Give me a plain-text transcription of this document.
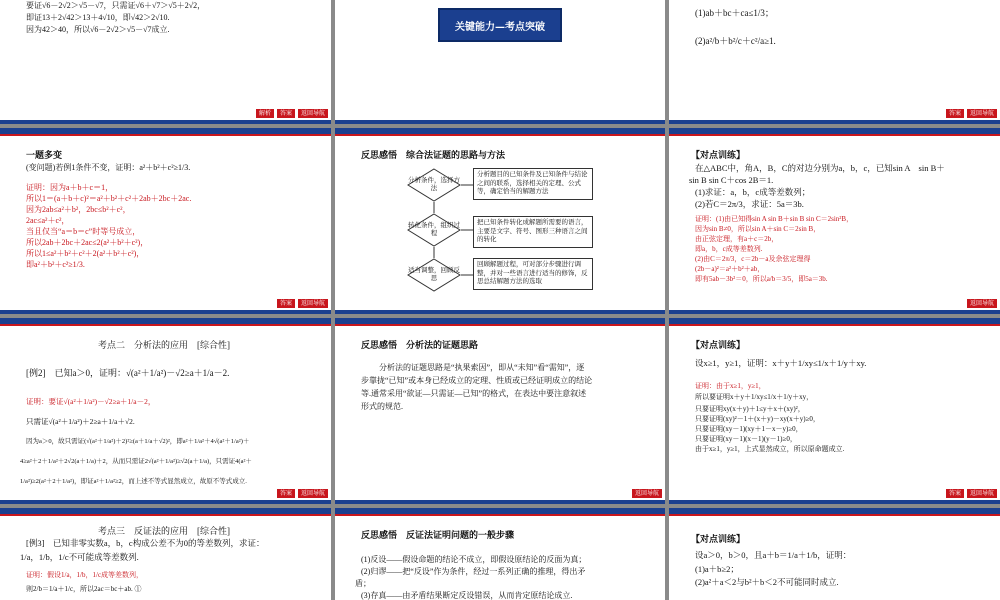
要证√6－2√2＞√5－√7，只需证√6＋√7＞√5＋2√2，
即证13＋2√42＞13＋4√10，即√42＞2√10.
因为42＞40，所以√6－2√2＞√5－√7成立.
解析	答案	返回导航
关键能力—考点突破
(1)ab＋bc＋ca≤1/3；
(2)a²/b＋b²/c＋c²/a≥1.
答案	返回导航
一题多变
(变问题)若例1条件不变，证明：a²＋b²＋c²≥1/3.
证明：因为a＋b＋c＝1，
所以1＝(a＋b＋c)²＝a²＋b²＋c²＋2ab＋2bc＋2ac.
因为2ab≤a²＋b²，2bc≤b²＋c²，
2ac≤a²＋c²，
当且仅当“a＝b＝c”时等号成立，
所以2ab＋2bc＋2ac≤2(a²＋b²＋c²)，
所以1≤a²＋b²＋c²＋2(a²＋b²＋c²)，
即a²＋b²＋c²≥1/3.
答案	返回导航
反思感悟　综合法证题的思路与方法
分析条件，选择方法
转化条件，组织过程
适当调整，回顾反思
分析题目的已知条件及已知条件与结论之间的联系，选择相关的定理、公式等，确定恰当的解题方法
把已知条件转化成解题所需要的语言，主要是文字、符号、图形三种语言之间的转化
回顾解题过程，可对部分步骤进行调整，并对一些语言进行适当的修饰，反思总结解题方法的选取
【对点训练】
在△ABC中，角A，B，C的对边分别为a，b，c，已知sin A　sin B＋
sin B sin C＋cos 2B＝1.
(1)求证：a，b，c成等差数列；
(2)若C＝2π/3，求证：5a＝3b.
证明：(1)由已知得sin A sin B＋sin B sin C＝2sin²B，
因为sin B≠0，所以sin A＋sin C＝2sin B，
由正弦定理，有a＋c＝2b，
即a，b，c成等差数列.
(2)由C＝2π/3，c＝2b－a及余弦定理得
(2b－a)²＝a²＋b²＋ab，
即有5ab－3b²＝0，所以a/b＝3/5，即5a＝3b.
返回导航
考点二　分析法的应用　[综合性]
[例2]　已知a＞0，证明：√(a²＋1/a²)－√2≥a＋1/a－2.
证明：要证√(a²＋1/a²)－√2≥a＋1/a－2，
只需证√(a²＋1/a²)＋2≥a＋1/a＋√2.
因为a＞0，故只需证(√(a²＋1/a²)＋2)²≥(a＋1/a＋√2)²，即a²＋1/a²＋4√(a²＋1/a²)＋
4≥a²＋2＋1/a²＋2√2(a＋1/a)＋2，从而只需证2√(a²＋1/a²)≥√2(a＋1/a)，只需证4(a²＋
1/a²)≥2(a²＋2＋1/a²)，即证a²＋1/a²≥2，而上述不等式显然成立，故原不等式成立.
答案	返回导航
反思感悟　分析法的证题思路
分析法的证题思路是“执果索因”，即从“未知”看“需知”，逐
步靠拢“已知”或本身已经成立的定理、性质或已经证明成立的结论
等.通常采用“欲证—只需证—已知”的格式，在表达中要注意叙述
形式的规范.
返回导航
【对点训练】
设x≥1，y≥1，证明：x＋y＋1/xy≤1/x＋1/y＋xy.
证明：由于x≥1，y≥1，
所以要证明x＋y＋1/xy≤1/x＋1/y＋xy，
只要证明xy(x＋y)＋1≤y＋x＋(xy)²，
只要证明(xy)²－1＋(x＋y)－xy(x＋y)≥0，
只要证明(xy－1)(xy＋1－x－y)≥0，
只要证明(xy－1)(x－1)(y－1)≥0，
由于x≥1，y≥1，上式显然成立，所以原命题成立.
答案	返回导航
考点三　反证法的应用　[综合性]
[例3]　已知非零实数a，b，c构成公差不为0的等差数列，求证：
1/a，1/b，1/c不可能成等差数列.
证明：假设1/a，1/b，1/c成等差数列，
则2/b＝1/a＋1/c，所以2ac＝bc＋ab. ①
反思感悟　反证法证明问题的一般步骤
(1)反设——假设命题的结论不成立，即假设原结论的反面为真；
(2)归谬——把“反设”作为条件，经过一系列正确的推理，得出矛
盾；
(3)存真——由矛盾结果断定反设错误，从而肯定原结论成立.
【对点训练】
设a＞0，b＞0，且a＋b＝1/a＋1/b，证明：
(1)a＋b≥2；
(2)a²＋a＜2与b²＋b＜2不可能同时成立.
